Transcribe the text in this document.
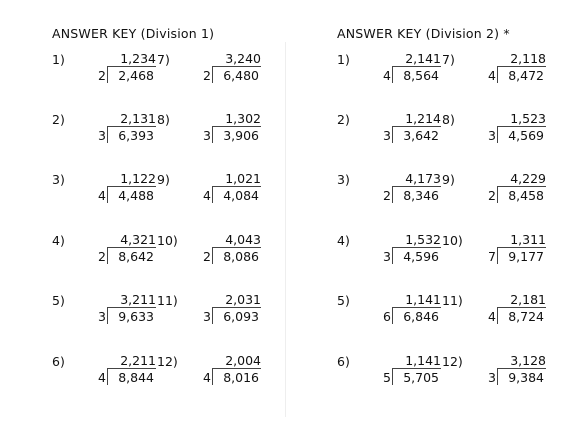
ANSWER KEY (Division 1)
1)	1,234
2 2,468
2)	2,131
3 6,393
3)	1,122
4 4,488
4)	4,321
2 8,642
5)	3,211
3 9,633
6)	2,211
4 8,844
7)	3,240
2 6,480
8)	1,302
3 3,906
9)	1,021
4 4,084
10)	4,043
2 8,086
11)	2,031
3 6,093
12)	2,004
4 8,016
ANSWER KEY (Division 2) *
1)	2,141
4 8,564
2)	1,214
3 3,642
3)	4,173
2 8,346
4)	1,532
3 4,596
5)	1,141
6 6,846
6)	1,141
5 5,705
7)	2,118
4 8,472
8)	1,523
3 4,569
9)	4,229
2 8,458
10)	1,311
7 9,177
11)	2,181
4 8,724
12)	3,128
3 9,384
